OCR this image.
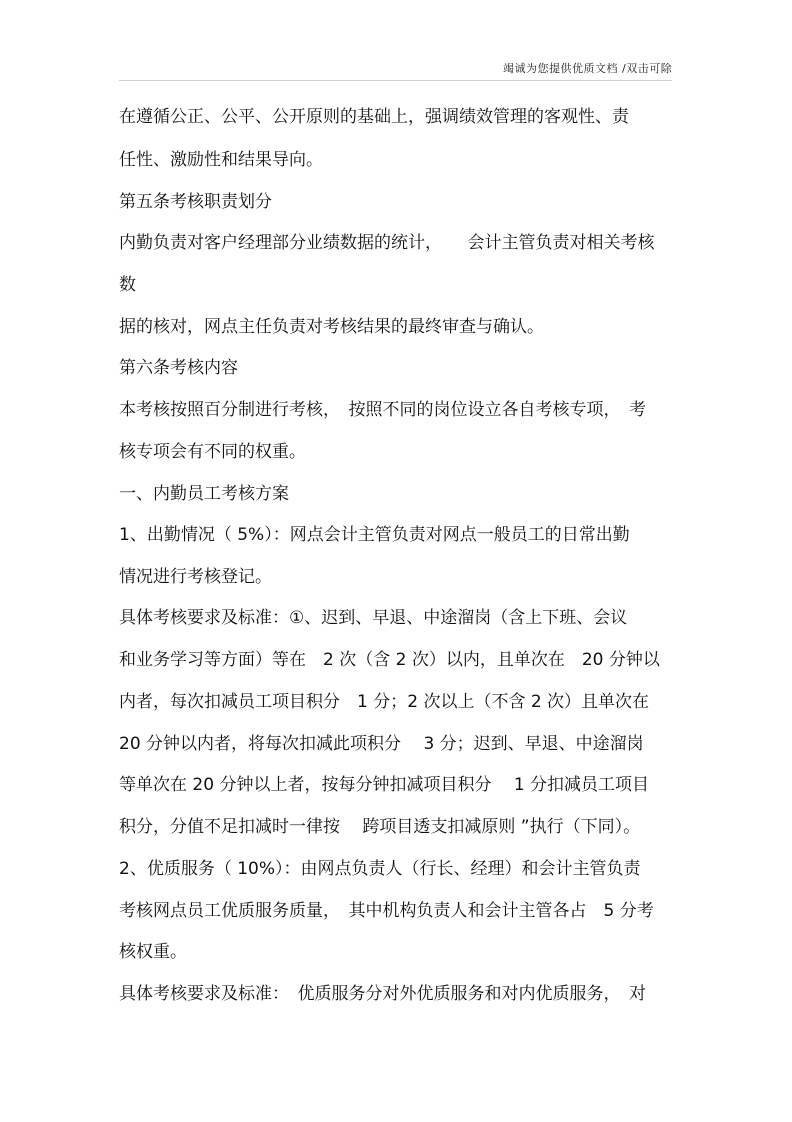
竭诚为您提供优质文档 /双击可除
在遵循公正、公平、公开原则的基础上，强调绩效管理的客观性、责
任性、激励性和结果导向。
第五条考核职责划分
内勤负责对客户经理部分业绩数据的统计，　　会计主管负责对相关考核
数
据的核对，网点主任负责对考核结果的最终审查与确认。
第六条考核内容
本考核按照百分制进行考核，　按照不同的岗位设立各自考核专项，　考
核专项会有不同的权重。
一、内勤员工考核方案
1、出勤情况（ 5%）：网点会计主管负责对网点一般员工的日常出勤
情况进行考核登记。
具体考核要求及标准：①、迟到、早退、中途溜岗（含上下班、会议
和业务学习等方面）等在　2 次（含 2 次）以内，且单次在　20 分钟以
内者，每次扣减员工项目积分　1 分；2 次以上（不含 2 次）且单次在
20 分钟以内者，将每次扣减此项积分　 3 分；迟到、早退、中途溜岗
等单次在 20 分钟以上者，按每分钟扣减项目积分　 1 分扣减员工项目
积分，分值不足扣减时一律按　 跨项目透支扣减原则 ”执行（下同）。
2、优质服务（ 10%）：由网点负责人（行长、经理）和会计主管负责
考核网点员工优质服务质量，　其中机构负责人和会计主管各占　5 分考
核权重。
具体考核要求及标准：　优质服务分对外优质服务和对内优质服务，　对
